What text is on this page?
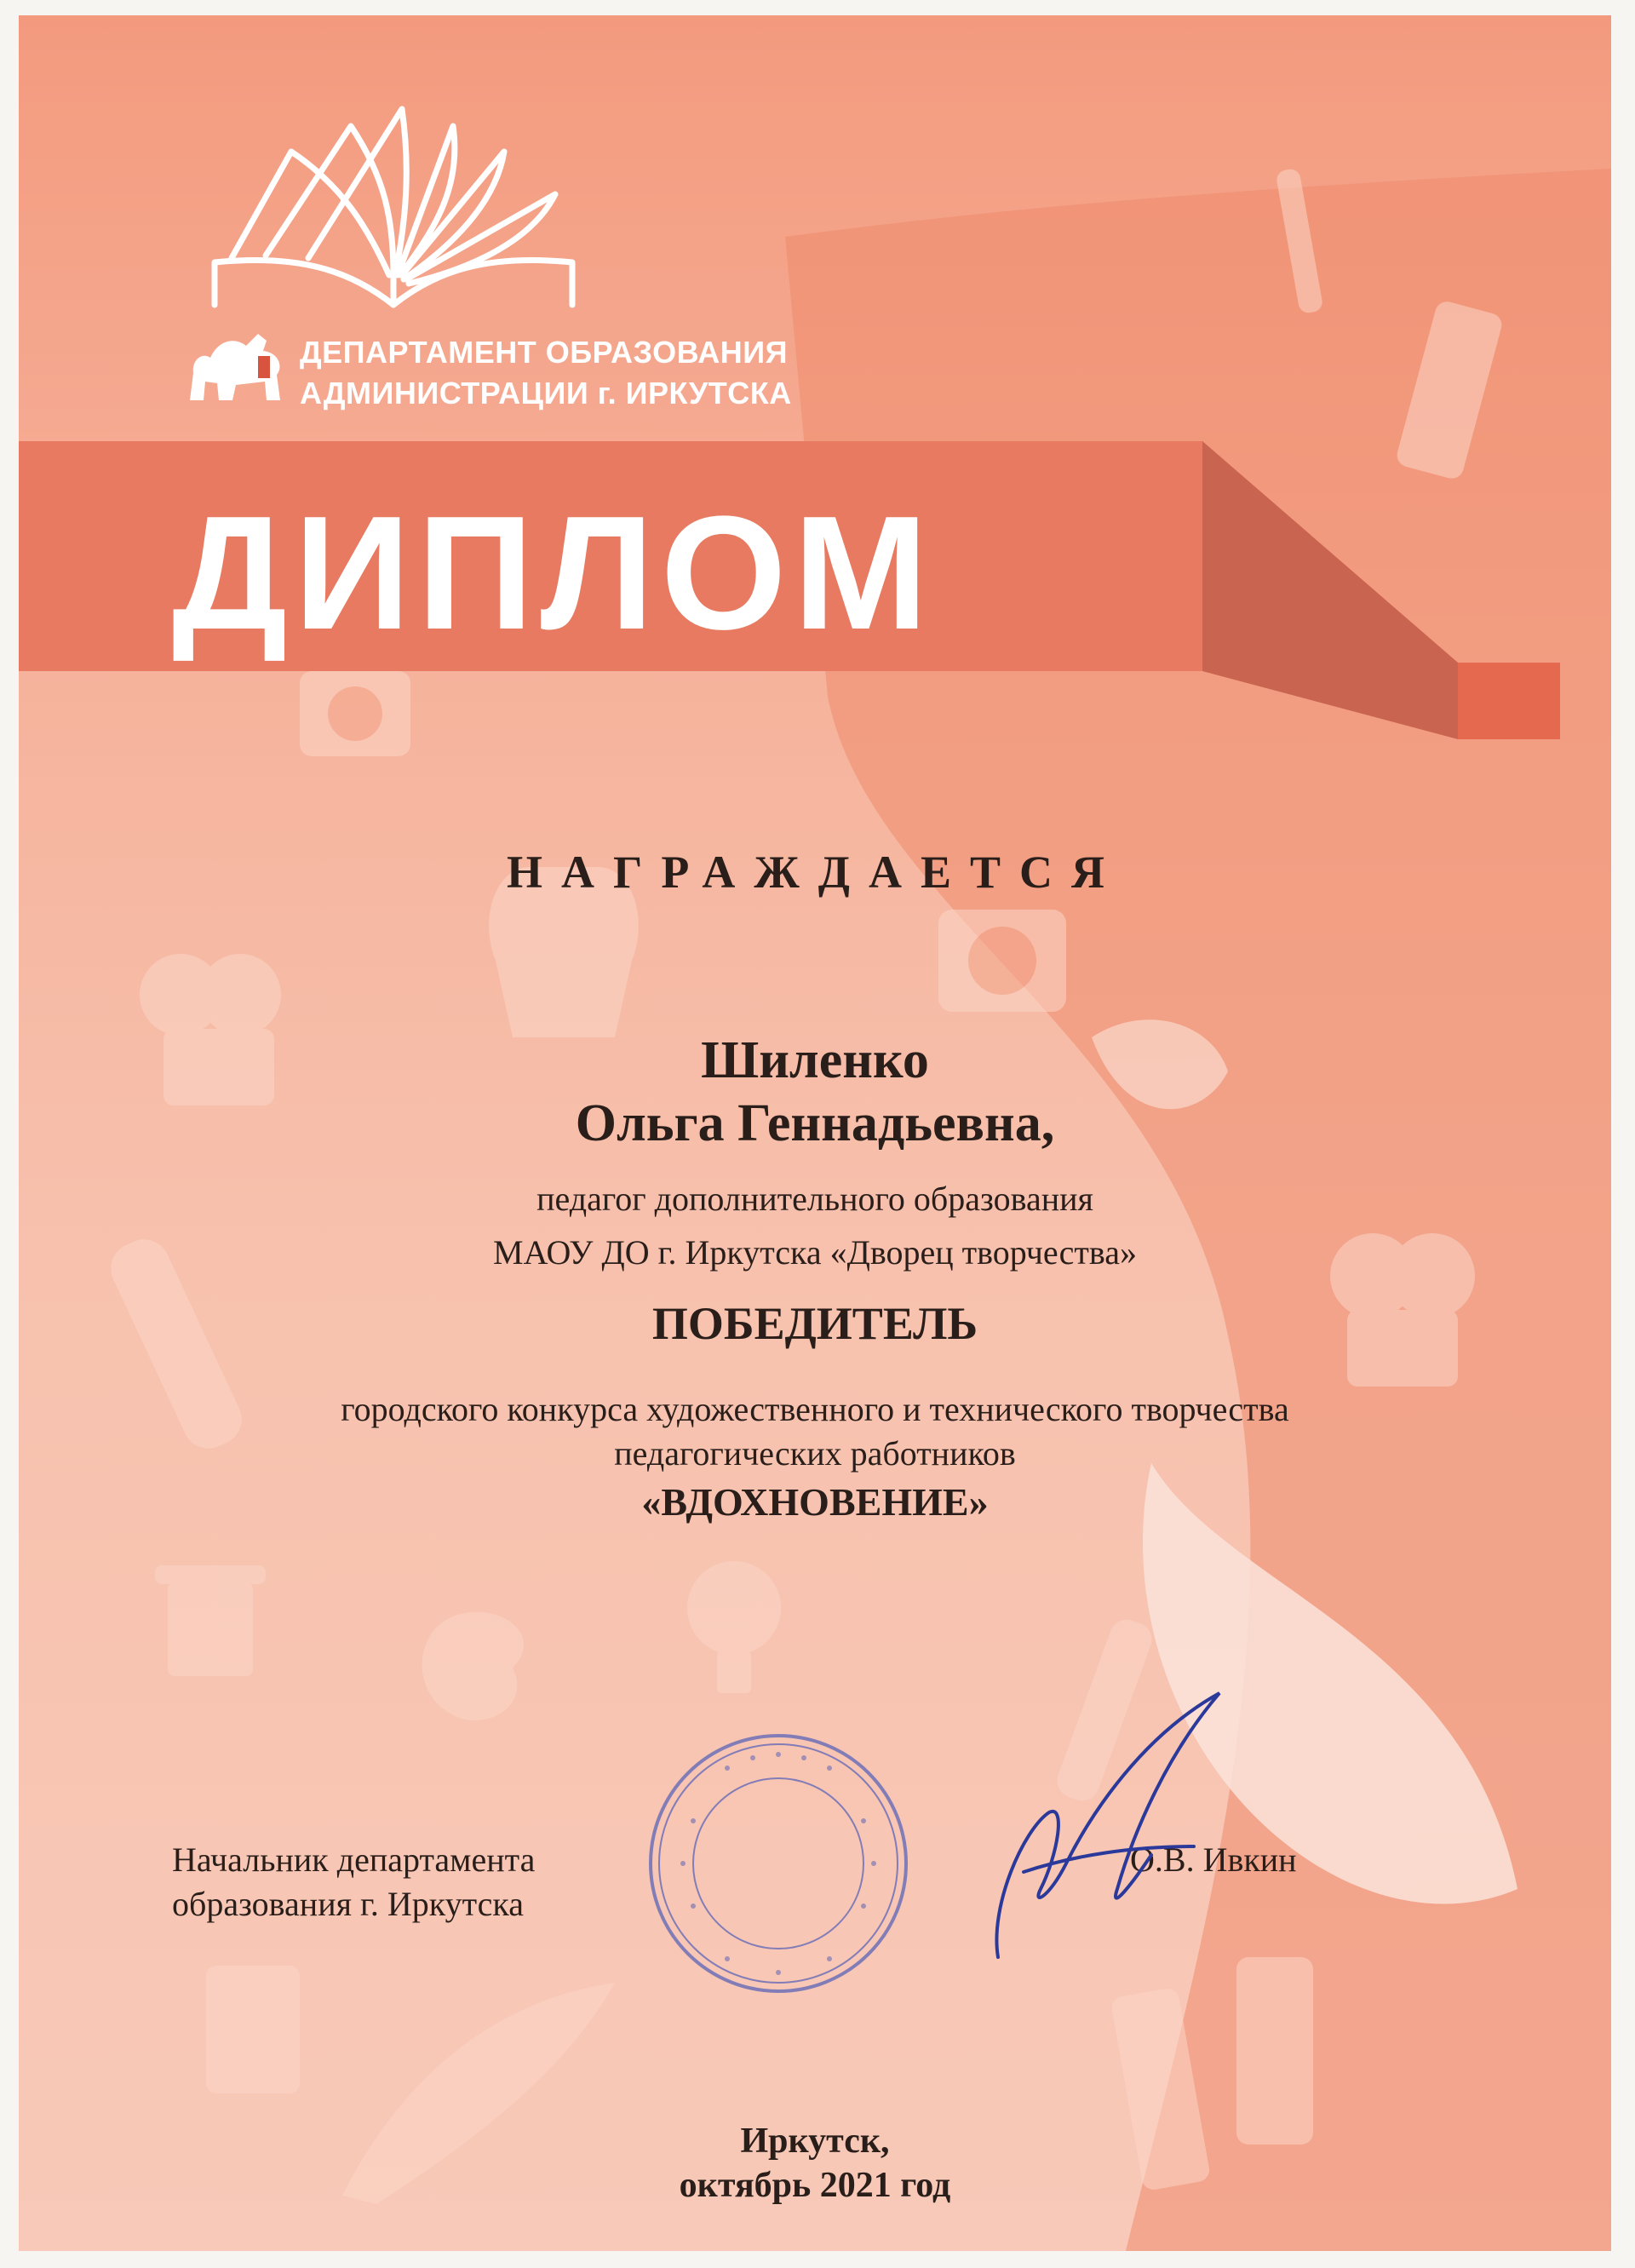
ДЕПАРТАМЕНТ ОБРАЗОВАНИЯ
АДМИНИСТРАЦИИ г. ИРКУТСКА
ДИПЛОМ
НАГРАЖДАЕТСЯ
Шиленко
Ольга Геннадьевна,
педагог дополнительного образования
МАОУ ДО г. Иркутска «Дворец творчества»
ПОБЕДИТЕЛЬ
городского конкурса художественного и технического творчества
педагогических работников
«ВДОХНОВЕНИЕ»
Начальник департамента
образования г. Иркутска
О.В. Ивкин
Иркутск,
октябрь 2021 год
